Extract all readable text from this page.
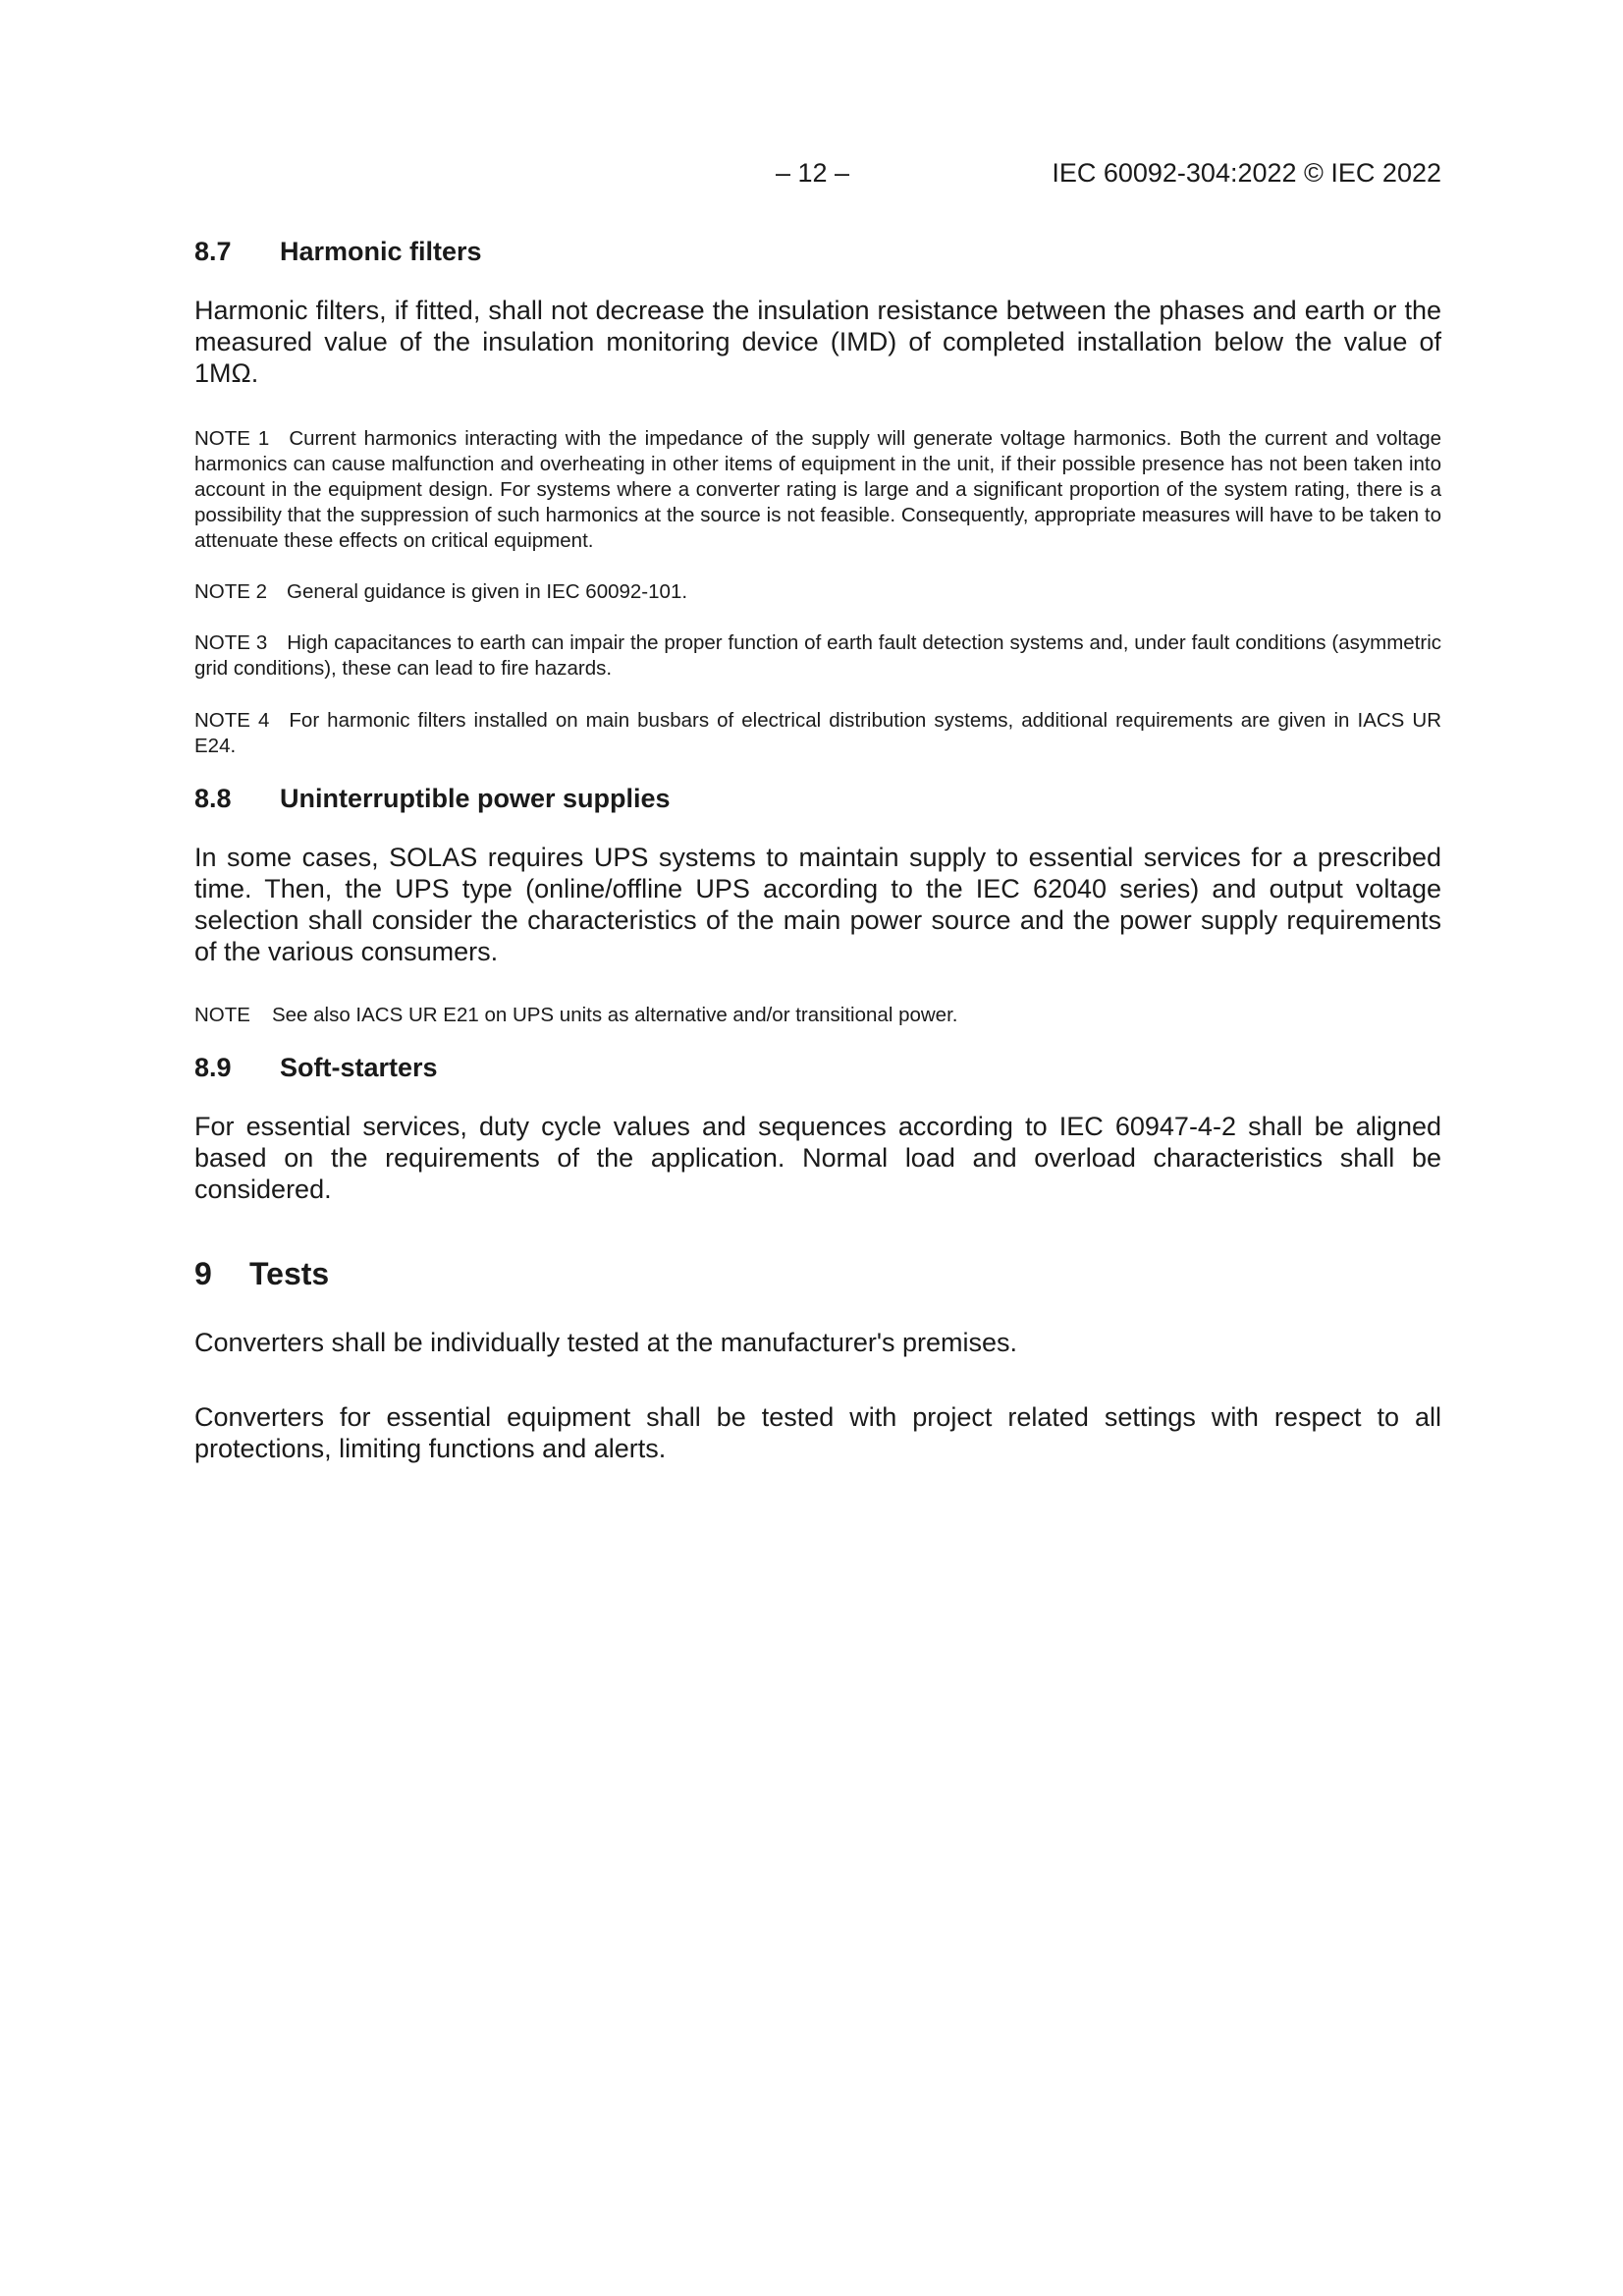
– 12 –	IEC 60092-304:2022 © IEC 2022
8.7	Harmonic filters

Harmonic filters, if fitted, shall not decrease the insulation resistance between the phases and earth or the measured value of the insulation monitoring device (IMD) of completed installation below the value of 1MΩ.

NOTE 1 Current harmonics interacting with the impedance of the supply will generate voltage harmonics. Both the current and voltage harmonics can cause malfunction and overheating in other items of equipment in the unit, if their possible presence has not been taken into account in the equipment design. For systems where a converter rating is large and a significant proportion of the system rating, there is a possibility that the suppression of such harmonics at the source is not feasible. Consequently, appropriate measures will have to be taken to attenuate these effects on critical equipment.

NOTE 2 General guidance is given in IEC 60092-101.

NOTE 3 High capacitances to earth can impair the proper function of earth fault detection systems and, under fault conditions (asymmetric grid conditions), these can lead to fire hazards.

NOTE 4 For harmonic filters installed on main busbars of electrical distribution systems, additional requirements are given in IACS UR E24.

8.8	Uninterruptible power supplies

In some cases, SOLAS requires UPS systems to maintain supply to essential services for a prescribed time. Then, the UPS type (online/offline UPS according to the IEC 62040 series) and output voltage selection shall consider the characteristics of the main power source and the power supply requirements of the various consumers.

NOTE See also IACS UR E21 on UPS units as alternative and/or transitional power.

8.9	Soft-starters

For essential services, duty cycle values and sequences according to IEC 60947-4-2 shall be aligned based on the requirements of the application. Normal load and overload characteristics shall be considered.

9	Tests

Converters shall be individually tested at the manufacturer's premises.

Converters for essential equipment shall be tested with project related settings with respect to all protections, limiting functions and alerts.
